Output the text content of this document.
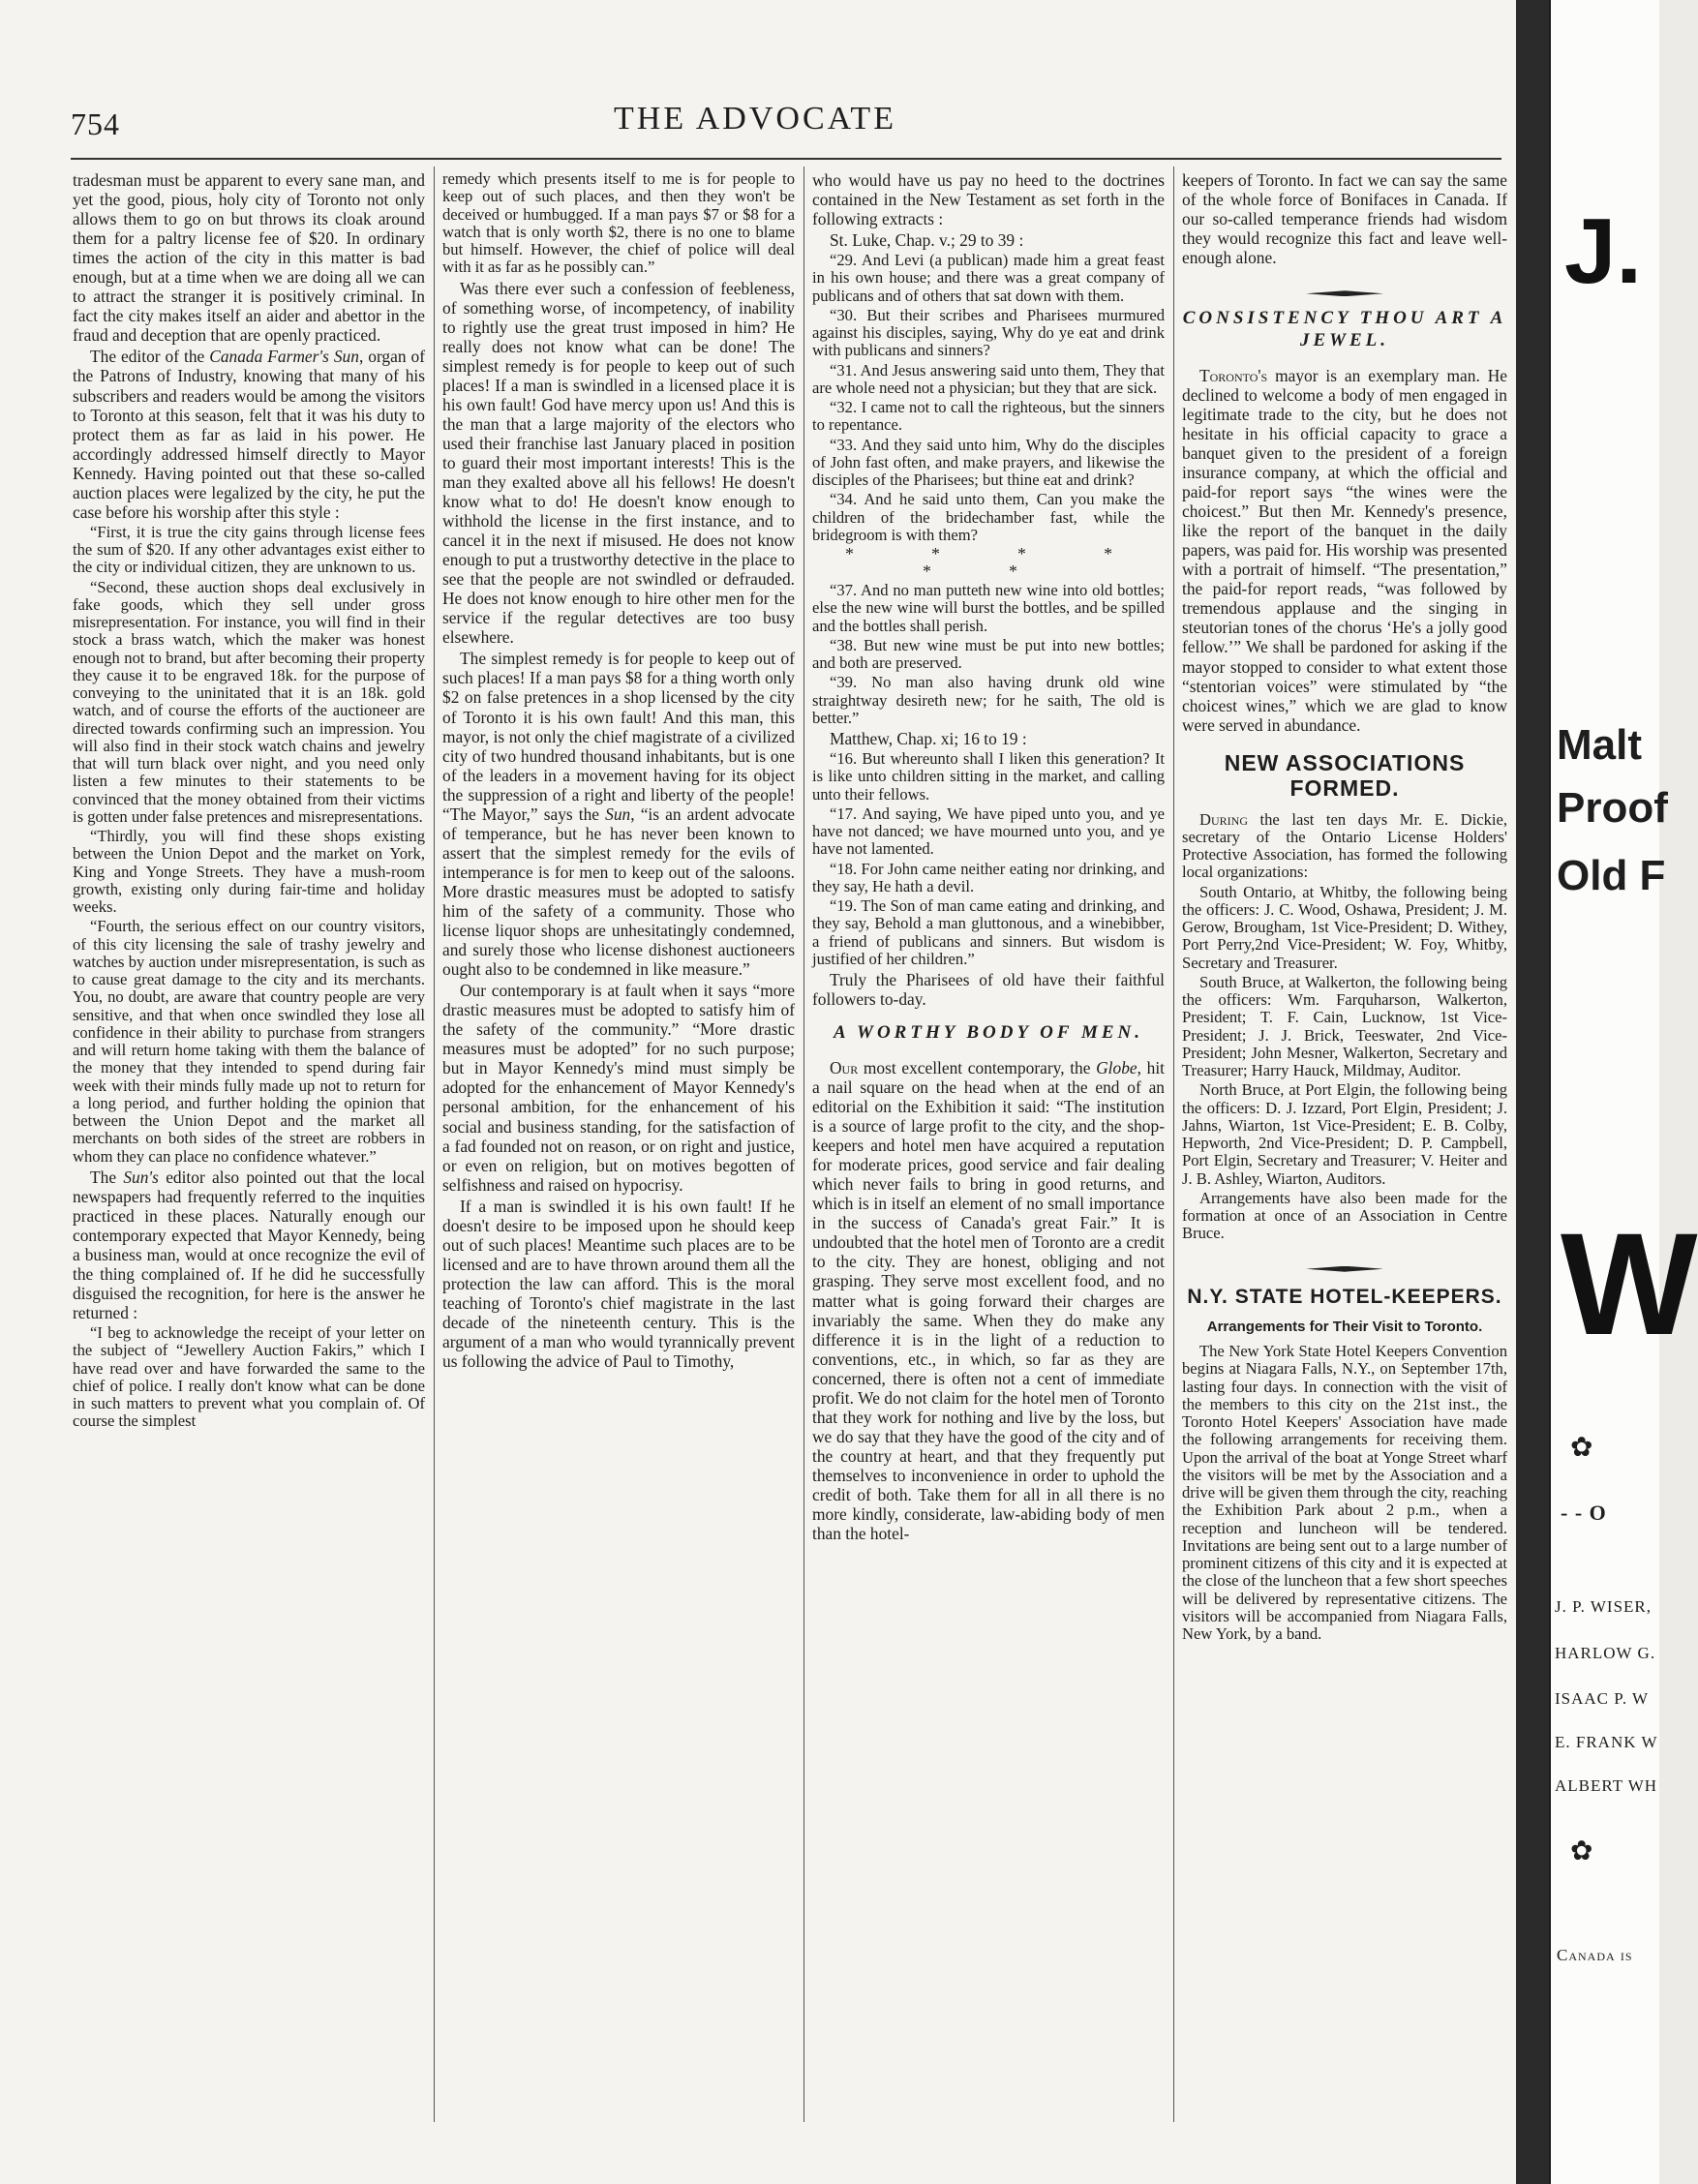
754	THE ADVOCATE

tradesman must be apparent to every sane man, and yet the good, pious, holy city of Toronto not only allows them to go on but throws its cloak around them for a paltry license fee of $20. In ordinary times the action of the city in this matter is bad enough, but at a time when we are doing all we can to attract the stranger it is positively criminal. In fact the city makes itself an aider and abettor in the fraud and deception that are openly practiced.

The editor of the Canada Farmer's Sun, organ of the Patrons of Industry, knowing that many of his subscribers and readers would be among the visitors to Toronto at this season, felt that it was his duty to protect them as far as laid in his power. He accordingly addressed himself directly to Mayor Kennedy. Having pointed out that these so-called auction places were legalized by the city, he put the case before his worship after this style :

“First, it is true the city gains through license fees the sum of $20. If any other advantages exist either to the city or individual citizen, they are unknown to us.

“Second, these auction shops deal exclusively in fake goods, which they sell under gross misrepresentation. For instance, you will find in their stock a brass watch, which the maker was honest enough not to brand, but after becoming their property they cause it to be engraved 18k. for the purpose of conveying to the uninitated that it is an 18k. gold watch, and of course the efforts of the auctioneer are directed towards confirming such an impression. You will also find in their stock watch chains and jewelry that will turn black over night, and you need only listen a few minutes to their statements to be convinced that the money obtained from their victims is gotten under false pretences and misrepresentations.

“Thirdly, you will find these shops existing between the Union Depot and the market on York, King and Yonge Streets. They have a mush-room growth, existing only during fair-time and holiday weeks.

“Fourth, the serious effect on our country visitors, of this city licensing the sale of trashy jewelry and watches by auction under misrepresentation, is such as to cause great damage to the city and its merchants. You, no doubt, are aware that country people are very sensitive, and that when once swindled they lose all confidence in their ability to purchase from strangers and will return home taking with them the balance of the money that they intended to spend during fair week with their minds fully made up not to return for a long period, and further holding the opinion that between the Union Depot and the market all merchants on both sides of the street are robbers in whom they can place no confidence whatever.”

The Sun's editor also pointed out that the local newspapers had frequently referred to the inquities practiced in these places. Naturally enough our contemporary expected that Mayor Kennedy, being a business man, would at once recognize the evil of the thing complained of. If he did he successfully disguised the recognition, for here is the answer he returned :

“I beg to acknowledge the receipt of your letter on the subject of “Jewellery Auction Fakirs,” which I have read over and have forwarded the same to the chief of police. I really don't know what can be done in such matters to prevent what you complain of. Of course the simplest

remedy which presents itself to me is for people to keep out of such places, and then they won't be deceived or humbugged. If a man pays $7 or $8 for a watch that is only worth $2, there is no one to blame but himself. However, the chief of police will deal with it as far as he possibly can.”

Was there ever such a confession of feebleness, of something worse, of incompetency, of inability to rightly use the great trust imposed in him? He really does not know what can be done! The simplest remedy is for people to keep out of such places! If a man is swindled in a licensed place it is his own fault! God have mercy upon us! And this is the man that a large majority of the electors who used their franchise last January placed in position to guard their most important interests! This is the man they exalted above all his fellows! He doesn't know what to do! He doesn't know enough to withhold the license in the first instance, and to cancel it in the next if misused. He does not know enough to put a trustworthy detective in the place to see that the people are not swindled or defrauded. He does not know enough to hire other men for the service if the regular detectives are too busy elsewhere.

The simplest remedy is for people to keep out of such places! If a man pays $8 for a thing worth only $2 on false pretences in a shop licensed by the city of Toronto it is his own fault! And this man, this mayor, is not only the chief magistrate of a civilized city of two hundred thousand inhabitants, but is one of the leaders in a movement having for its object the suppression of a right and liberty of the people! “The Mayor,” says the Sun, “is an ardent advocate of temperance, but he has never been known to assert that the simplest remedy for the evils of intemperance is for men to keep out of the saloons. More drastic measures must be adopted to satisfy him of the safety of a community. Those who license liquor shops are unhesitatingly condemned, and surely those who license dishonest auctioneers ought also to be condemned in like measure.”

Our contemporary is at fault when it says “more drastic measures must be adopted to satisfy him of the safety of the community.” “More drastic measures must be adopted” for no such purpose; but in Mayor Kennedy's mind must simply be adopted for the enhancement of Mayor Kennedy's personal ambition, for the enhancement of his social and business standing, for the satisfaction of a fad founded not on reason, or on right and justice, or even on religion, but on motives begotten of selfishness and raised on hypocrisy.

If a man is swindled it is his own fault! If he doesn't desire to be imposed upon he should keep out of such places! Meantime such places are to be licensed and are to have thrown around them all the protection the law can afford. This is the moral teaching of Toronto's chief magistrate in the last decade of the nineteenth century. This is the argument of a man who would tyrannically prevent us following the advice of Paul to Timothy,

who would have us pay no heed to the doctrines contained in the New Testament as set forth in the following extracts :

St. Luke, Chap. v.; 29 to 39 :

“29. And Levi (a publican) made him a great feast in his own house; and there was a great company of publicans and of others that sat down with them.

“30. But their scribes and Pharisees murmured against his disciples, saying, Why do ye eat and drink with publicans and sinners?

“31. And Jesus answering said unto them, They that are whole need not a physician; but they that are sick.

“32. I came not to call the righteous, but the sinners to repentance.

“33. And they said unto him, Why do the disciples of John fast often, and make prayers, and likewise the disciples of the Pharisees; but thine eat and drink?

“34. And he said unto them, Can you make the children of the bridechamber fast, while the bridegroom is with them?

* * * * * *

“37. And no man putteth new wine into old bottles; else the new wine will burst the bottles, and be spilled and the bottles shall perish.

“38. But new wine must be put into new bottles; and both are preserved.

“39. No man also having drunk old wine straightway desireth new; for he saith, The old is better.”

Matthew, Chap. xi; 16 to 19 :

“16. But whereunto shall I liken this generation? It is like unto children sitting in the market, and calling unto their fellows.

“17. And saying, We have piped unto you, and ye have not danced; we have mourned unto you, and ye have not lamented.

“18. For John came neither eating nor drinking, and they say, He hath a devil.

“19. The Son of man came eating and drinking, and they say, Behold a man gluttonous, and a winebibber, a friend of publicans and sinners. But wisdom is justified of her children.”

Truly the Pharisees of old have their faithful followers to-day.

A WORTHY BODY OF MEN.

Our most excellent contemporary, the Globe, hit a nail square on the head when at the end of an editorial on the Exhibition it said: “The institution is a source of large profit to the city, and the shop-keepers and hotel men have acquired a reputation for moderate prices, good service and fair dealing which never fails to bring in good returns, and which is in itself an element of no small importance in the success of Canada's great Fair.” It is undoubted that the hotel men of Toronto are a credit to the city. They are honest, obliging and not grasping. They serve most excellent food, and no matter what is going forward their charges are invariably the same. When they do make any difference it is in the light of a reduction to conventions, etc., in which, so far as they are concerned, there is often not a cent of immediate profit. We do not claim for the hotel men of Toronto that they work for nothing and live by the loss, but we do say that they have the good of the city and of the country at heart, and that they frequently put themselves to inconvenience in order to uphold the credit of both. Take them for all in all there is no more kindly, considerate, law-abiding body of men than the hotel-

keepers of Toronto. In fact we can say the same of the whole force of Bonifaces in Canada. If our so-called temperance friends had wisdom they would recognize this fact and leave well-enough alone.

CONSISTENCY THOU ART A JEWEL.

Toronto's mayor is an exemplary man. He declined to welcome a body of men engaged in legitimate trade to the city, but he does not hesitate in his official capacity to grace a banquet given to the president of a foreign insurance company, at which the official and paid-for report says “the wines were the choicest.” But then Mr. Kennedy's presence, like the report of the banquet in the daily papers, was paid for. His worship was presented with a portrait of himself. “The presentation,” the paid-for report reads, “was followed by tremendous applause and the singing in steutorian tones of the chorus ‘He's a jolly good fellow.’” We shall be pardoned for asking if the mayor stopped to consider to what extent those “stentorian voices” were stimulated by “the choicest wines,” which we are glad to know were served in abundance.

NEW ASSOCIATIONS FORMED.

During the last ten days Mr. E. Dickie, secretary of the Ontario License Holders' Protective Association, has formed the following local organizations:

South Ontario, at Whitby, the following being the officers: J. C. Wood, Oshawa, President; J. M. Gerow, Brougham, 1st Vice-President; D. Withey, Port Perry,2nd Vice-President; W. Foy, Whitby, Secretary and Treasurer.

South Bruce, at Walkerton, the following being the officers: Wm. Farquharson, Walkerton, President; T. F. Cain, Lucknow, 1st Vice-President; J. J. Brick, Teeswater, 2nd Vice-President; John Mesner, Walkerton, Secretary and Treasurer; Harry Hauck, Mildmay, Auditor.

North Bruce, at Port Elgin, the following being the officers: D. J. Izzard, Port Elgin, President; J. Jahns, Wiarton, 1st Vice-President; E. B. Colby, Hepworth, 2nd Vice-President; D. P. Campbell, Port Elgin, Secretary and Treasurer; V. Heiter and J. B. Ashley, Wiarton, Auditors.

Arrangements have also been made for the formation at once of an Association in Centre Bruce.

N.Y. STATE HOTEL-KEEPERS.
Arrangements for Their Visit to Toronto.

The New York State Hotel Keepers Convention begins at Niagara Falls, N.Y., on September 17th, lasting four days. In connection with the visit of the members to this city on the 21st inst., the Toronto Hotel Keepers' Association have made the following arrangements for receiving them. Upon the arrival of the boat at Yonge Street wharf the visitors will be met by the Association and a drive will be given them through the city, reaching the Exhibition Park about 2 p.m., when a reception and luncheon will be tendered. Invitations are being sent out to a large number of prominent citizens of this city and it is expected at the close of the luncheon that a few short speeches will be delivered by representative citizens. The visitors will be accompanied from Niagara Falls, New York, by a band.

J.
Malt
Proof
Old F
W
✿
- - O
J. P. WISER,
HARLOW G.
ISAAC P. W
E. FRANK W
ALBERT WH
✿
Canada is
